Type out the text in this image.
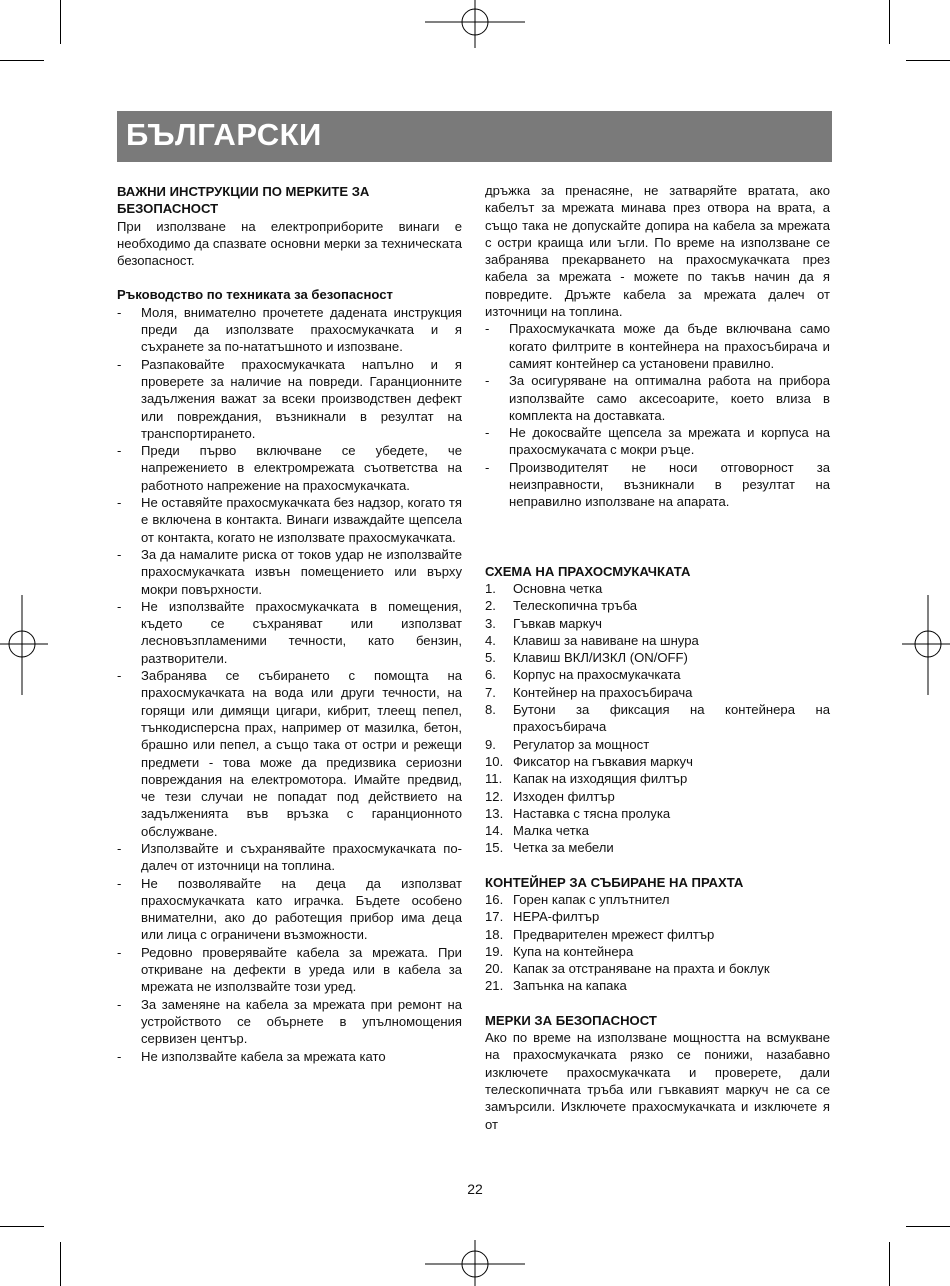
БЪЛГАРСКИ

ВАЖНИ ИНСТРУКЦИИ ПО МЕРКИТЕ ЗА БЕЗОПАСНОСТ

При използване на електроприборите винаги е необходимо да спазвате основни мерки за техническата безопасност.

Ръководство по техниката за безопасност

- Моля, внимателно прочетете дадената инструкция преди да използвате прахосмукачката и я съхранете за по-нататъшното и изпозване.
- Разпаковайте прахосмукачката напълно и я проверете за наличие на повреди. Гаранционните задължения важат за всеки производствен дефект или повреждания, възникнали в резултат на транспортирането.
- Преди първо включване се убедете, че напрежението в електромрежата съответства на работното напрежение на прахосмукачката.
- Не оставяйте прахосмукачката без надзор, когато тя е включена в контакта. Винаги изваждайте щепсела от контакта, когато не използвате прахосмукачката.
- За да намалите риска от токов удар не използвайте прахосмукачката извън помещението или върху мокри повърхности.
- Не използвайте прахосмукачката в помещения, където се съхраняват или използват лесновъзпламеними течности, като бензин, разтворители.
- Забранява се събирането с помощта на прахосмукачката на вода или други течности, на горящи или димящи цигари, кибрит, тлеещ пепел, тънкодисперсна прах, например от мазилка, бетон, брашно или пепел, а също така от остри и режещи предмети - това може да предизвика сериозни повреждания на електромотора. Имайте предвид, че тези случаи не попадат под действието на задълженията във връзка с гаранционното обслужване.
- Използвайте и съхранявайте прахосмукачката по-далеч от източници на топлина.
- Не позволявайте на деца да използват прахосмукачката като играчка. Бъдете особено внимателни, ако до работещия прибор има деца или лица с ограничени възможности.
- Редовно проверявайте кабела за мрежата. При откриване на дефекти в уреда или в кабела за мрежата не използвайте този уред.
- За заменяне на кабела за мрежата при ремонт на устройството се обърнете в упълномощения сервизен център.
- Не използвайте кабела за мрежата като

дръжка за пренасяне, не затваряйте вратата, ако кабелът за мрежата минава през отвора на врата, а също така не допускайте допира на кабела за мрежата с остри краища или ъгли. По време на използване се забранява прекарването на прахосмукачката през кабела за мрежата - можете по такъв начин да я повредите. Дръжте кабела за мрежата далеч от източници на топлина.

- Прахосмукачката може да бъде включвана само когато филтрите в контейнера на прахосъбирача и самият контейнер са установени правилно.
- За осигуряване на оптимална работа на прибора използвайте само аксесоарите, което влиза в комплекта на доставката.
- Не докосвайте щепсела за мрежата и корпуса на прахосмукачата с мокри ръце.
- Производителят не носи отговорност за неизправности, възникнали в резултат на неправилно използване на апарата.

СХЕМА НА ПРАХОСМУКАЧКАТА

1.	Основна четка
2.	Телескопична тръба
3.	Гъвкав маркуч
4.	Клавиш за навиване на шнура
5.	Клавиш ВКЛ/ИЗКЛ (ON/OFF)
6.	Корпус на прахосмукачката
7.	Контейнер на прахосъбирача
8.	Бутони за фиксация на контейнера на прахосъбирача
9.	Регулатор за мощност
10. Фиксатор на гъвкавия маркуч
11. Капак на изходящия филтър
12. Изходен филтър
13. Наставка с тясна пролука
14. Малка четка
15. Четка за мебели

КОНТЕЙНЕР ЗА СЪБИРАНЕ НА ПРАХТА

16. Горен капак с уплътнител
17. HEPA-филтър
18. Предварителен мрежест филтър
19. Купа на контейнера
20. Капак за отстраняване на прахта и боклук
21. Запънка на капака

МЕРКИ ЗА БЕЗОПАСНОСТ

Ако по време на използване мощността на всмукване на прахосмукачката рязко се понижи, назабавно изключете прахосмукачката и проверете, дали телескопичната тръба или гъвкавият маркуч не са се замърсили. Изключете прахосмукачката и изключете я от

22
